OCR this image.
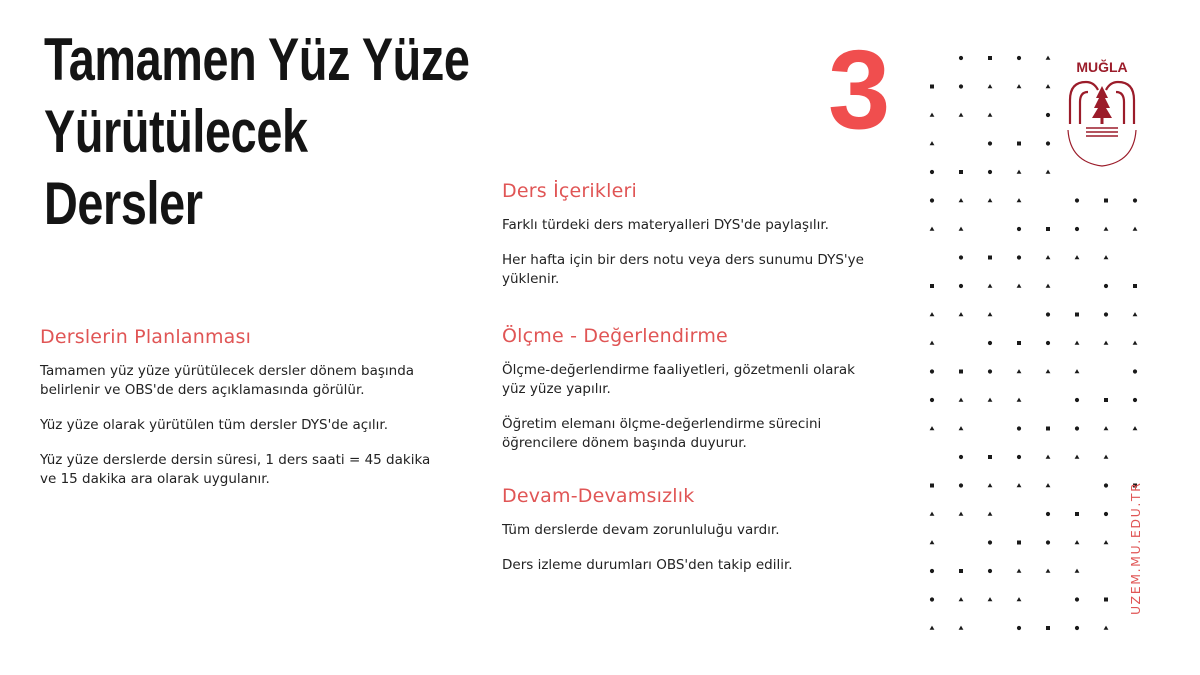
Tamamen Yüz Yüze
Yürütülecek
Dersler
3
Ders İçerikleri

Farklı türdeki ders materyalleri DYS'de paylaşılır.

Her hafta için bir ders notu veya ders sunumu DYS'ye yüklenir.

Derslerin Planlanması

Tamamen yüz yüze yürütülecek dersler dönem başında belirlenir ve OBS'de ders açıklamasında görülür.

Yüz yüze olarak yürütülen tüm dersler DYS'de açılır.

Yüz yüze derslerde dersin süresi, 1 ders saati = 45 dakika ve 15 dakika ara olarak uygulanır.

Ölçme - Değerlendirme

Ölçme-değerlendirme faaliyetleri, gözetmenli olarak yüz yüze yapılır.

Öğretim elemanı ölçme-değerlendirme sürecini öğrencilere dönem başında duyurur.

Devam-Devamsızlık

Tüm derslerde devam zorunluluğu vardır.

Ders izleme durumları OBS'den takip edilir.

MUĞLA
UZEM.MU.EDU.TR
